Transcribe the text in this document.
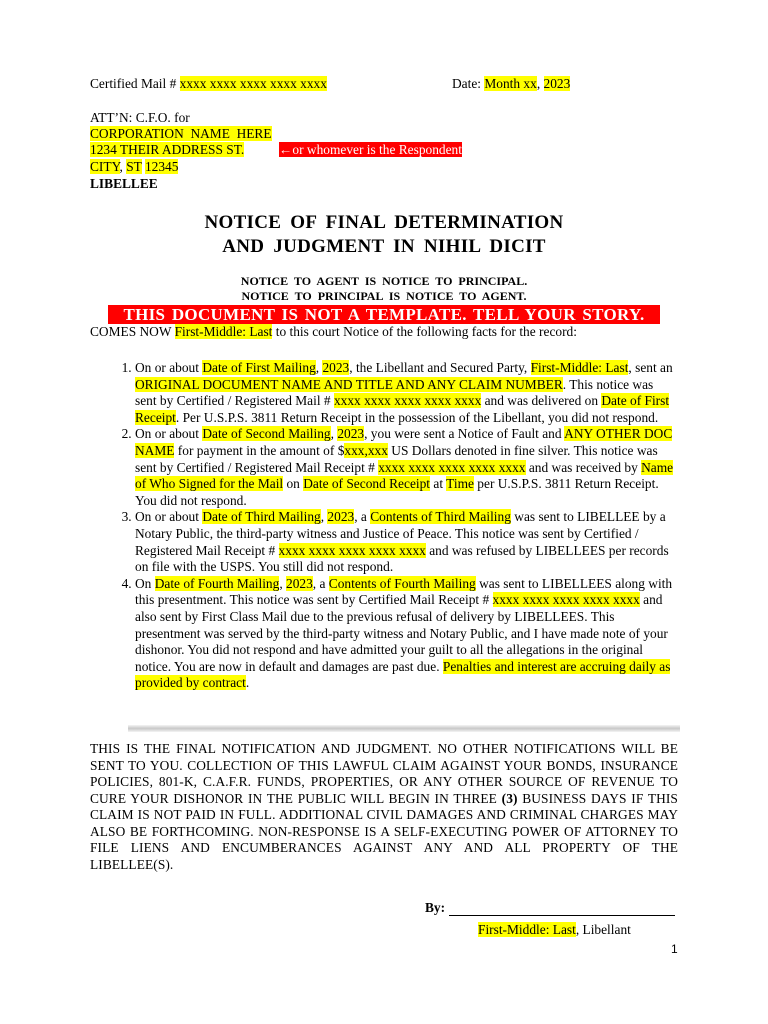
Certified Mail # xxxx xxxx xxxx xxxx xxxx	Date: Month xx, 2023
ATT’N: C.F.O. for
CORPORATION  NAME  HERE
1234 THEIR ADDRESS ST.	←or whomever is the Respondent
CITY, ST 12345
LIBELLEE
NOTICE OF FINAL DETERMINATION
AND JUDGMENT IN NIHIL DICIT
NOTICE TO AGENT IS NOTICE TO PRINCIPAL.
NOTICE TO PRINCIPAL IS NOTICE TO AGENT.
THIS DOCUMENT IS NOT A TEMPLATE. TELL YOUR STORY.
COMES NOW First-Middle: Last to this court Notice of the following facts for the record:
1. On or about Date of First Mailing, 2023, the Libellant and Secured Party, First-Middle: Last, sent an ORIGINAL DOCUMENT NAME AND TITLE AND ANY CLAIM NUMBER. This notice was sent by Certified / Registered Mail # xxxx xxxx xxxx xxxx xxxx and was delivered on Date of First Receipt. Per U.S.P.S. 3811 Return Receipt in the possession of the Libellant, you did not respond.
2. On or about Date of Second Mailing, 2023, you were sent a Notice of Fault and ANY OTHER DOC NAME for payment in the amount of $xxx,xxx US Dollars denoted in fine silver. This notice was sent by Certified / Registered Mail Receipt # xxxx xxxx xxxx xxxx xxxx and was received by Name of Who Signed for the Mail on Date of Second Receipt at Time per U.S.P.S. 3811 Return Receipt. You did not respond.
3. On or about Date of Third Mailing, 2023, a Contents of Third Mailing was sent to LIBELLEE by a Notary Public, the third-party witness and Justice of Peace. This notice was sent by Certified / Registered Mail Receipt # xxxx xxxx xxxx xxxx xxxx and was refused by LIBELLEES per records on file with the USPS. You still did not respond.
4. On Date of Fourth Mailing, 2023, a Contents of Fourth Mailing was sent to LIBELLEES along with this presentment. This notice was sent by Certified Mail Receipt # xxxx xxxx xxxx xxxx xxxx and also sent by First Class Mail due to the previous refusal of delivery by LIBELLEES. This presentment was served by the third-party witness and Notary Public, and I have made note of your dishonor. You did not respond and have admitted your guilt to all the allegations in the original notice. You are now in default and damages are past due. Penalties and interest are accruing daily as provided by contract.
THIS IS THE FINAL NOTIFICATION AND JUDGMENT. NO OTHER NOTIFICATIONS WILL BE SENT TO YOU. COLLECTION OF THIS LAWFUL CLAIM AGAINST YOUR BONDS, INSURANCE POLICIES, 801-K, C.A.F.R. FUNDS, PROPERTIES, OR ANY OTHER SOURCE OF REVENUE TO CURE YOUR DISHONOR IN THE PUBLIC WILL BEGIN IN THREE (3) BUSINESS DAYS IF THIS CLAIM IS NOT PAID IN FULL. ADDITIONAL CIVIL DAMAGES AND CRIMINAL CHARGES MAY ALSO BE FORTHCOMING. NON-RESPONSE IS A SELF-EXECUTING POWER OF ATTORNEY TO FILE LIENS AND ENCUMBERANCES AGAINST ANY AND ALL PROPERTY OF THE LIBELLEE(S).
By:
First-Middle: Last, Libellant
1
